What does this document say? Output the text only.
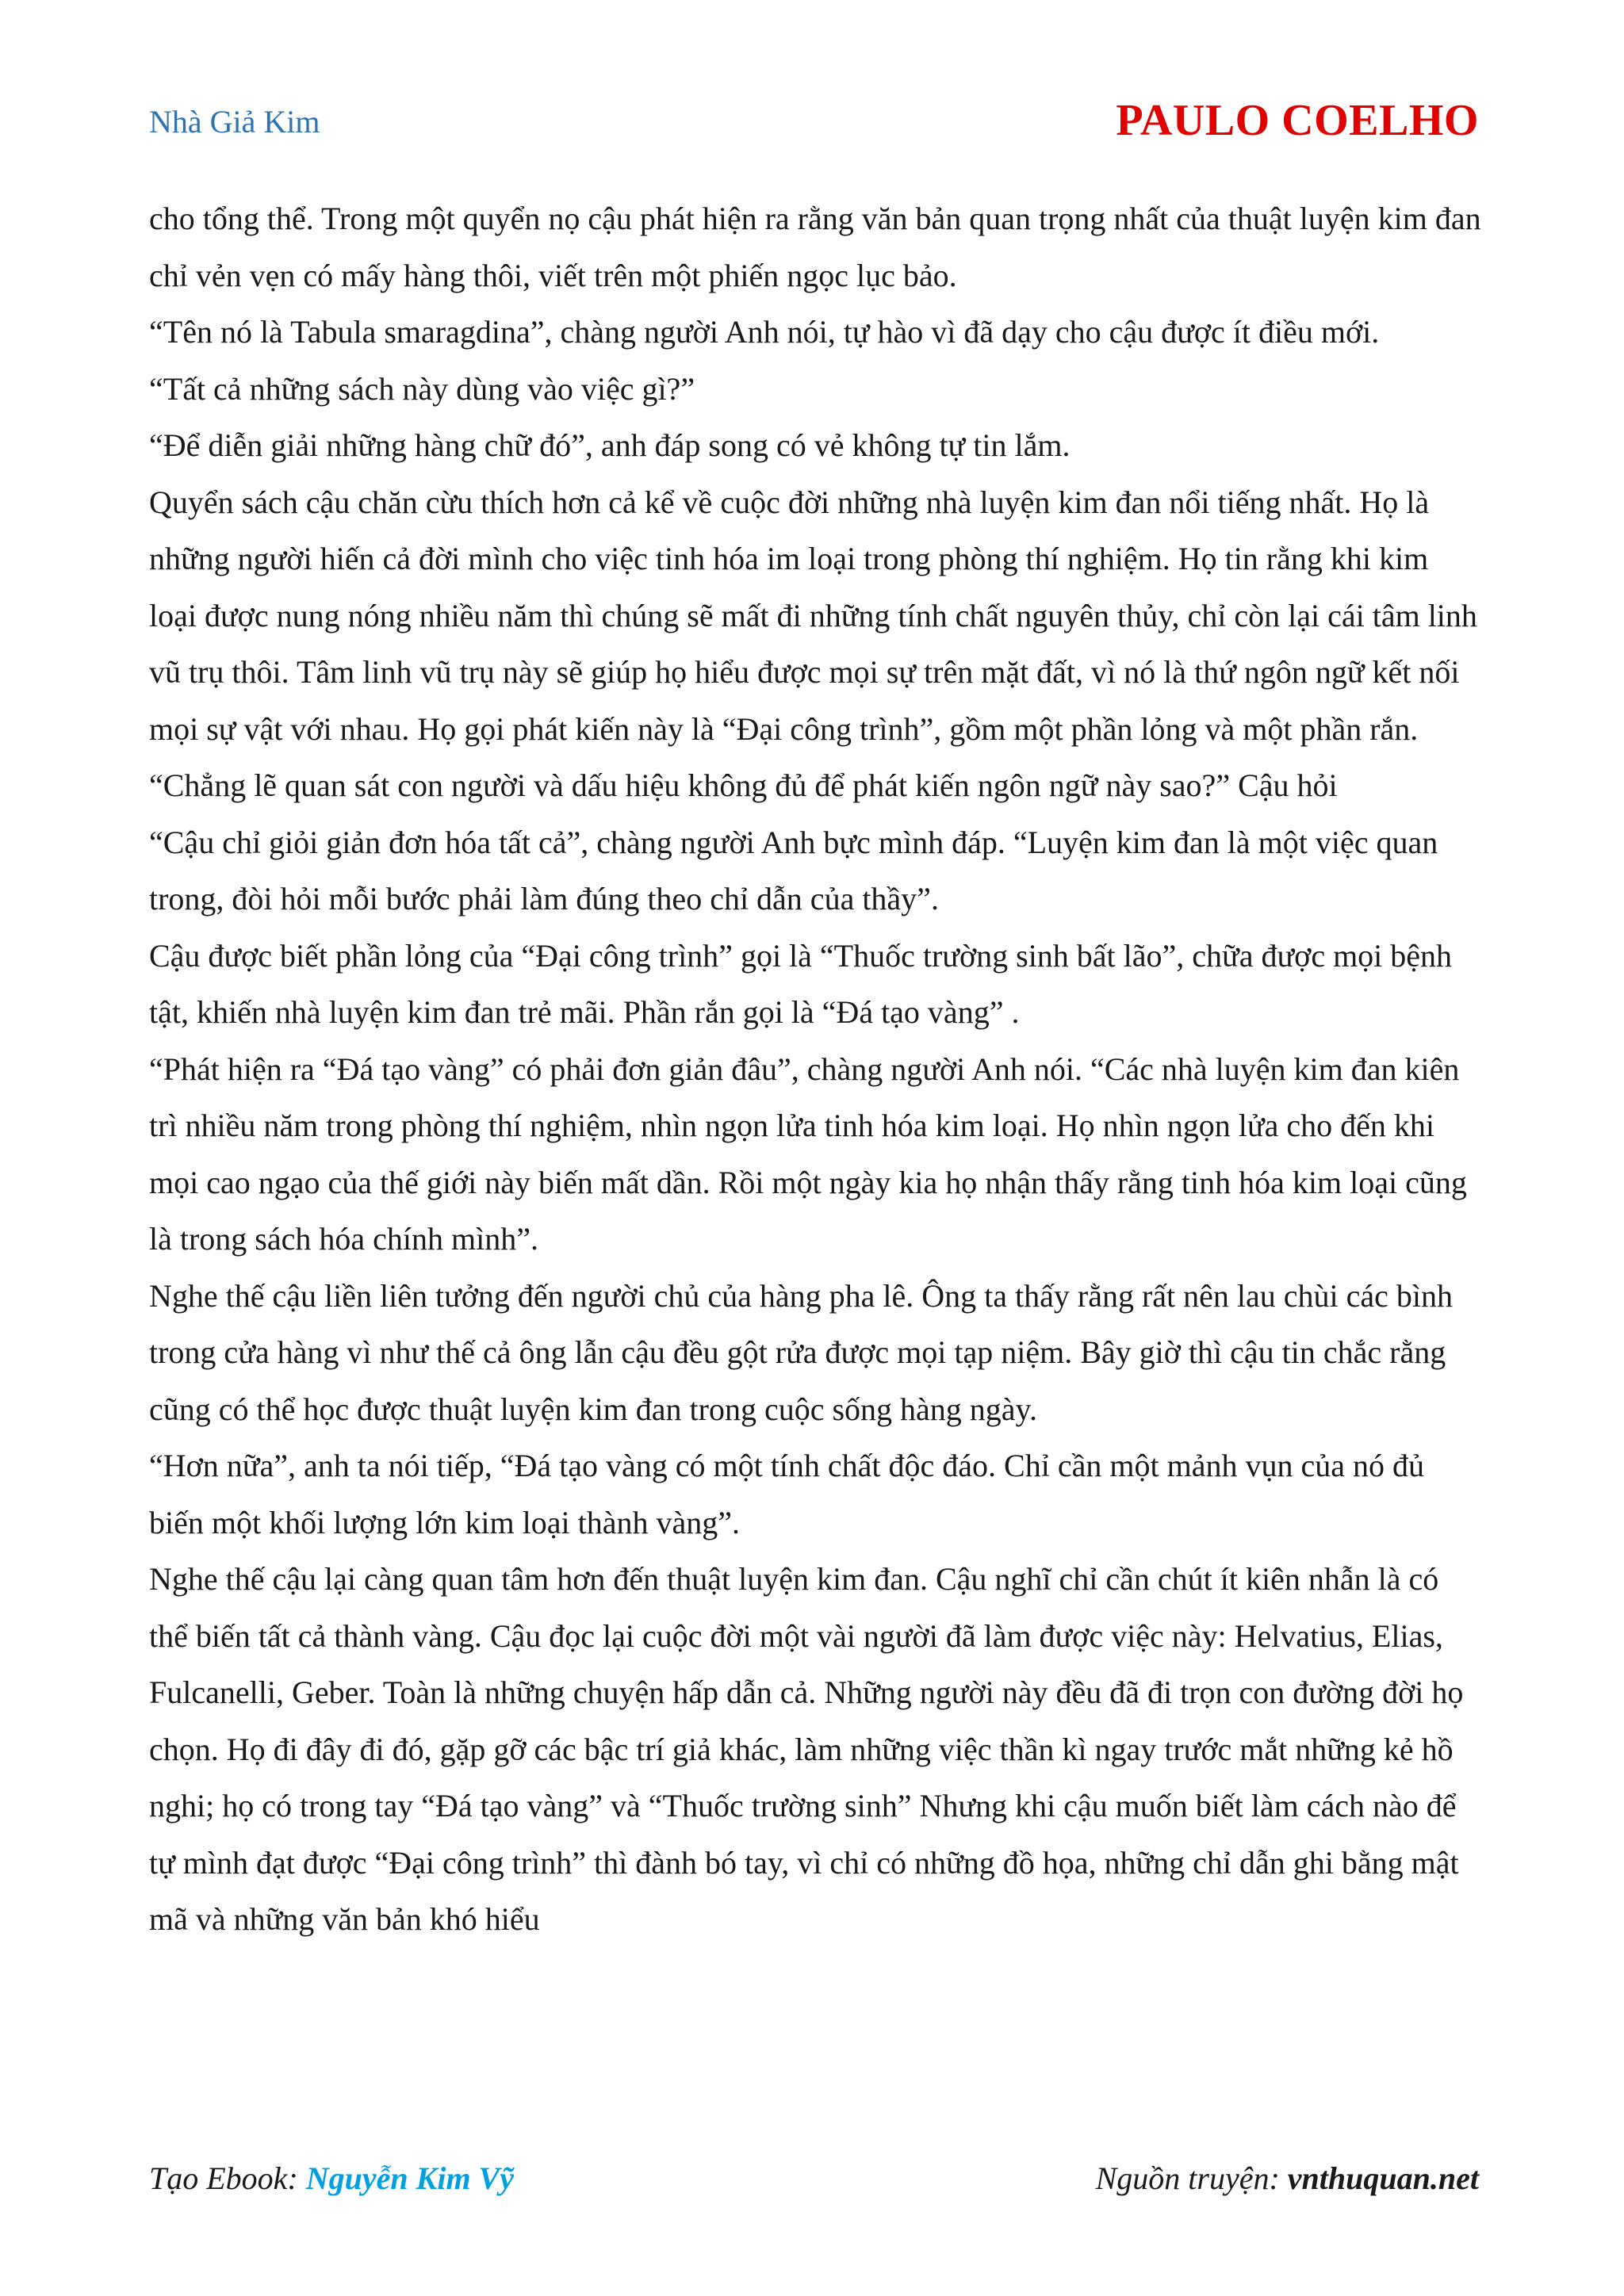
Nhà Giả Kim	PAULO COELHO

cho tổng thể. Trong một quyển nọ cậu phát hiện ra rằng văn bản quan trọng nhất của thuật luyện kim đan chỉ vẻn vẹn có mấy hàng thôi, viết trên một phiến ngọc lục bảo.

“Tên nó là Tabula smaragdina”, chàng người Anh nói, tự hào vì đã dạy cho cậu được ít điều mới.

“Tất cả những sách này dùng vào việc gì?”

“Để diễn giải những hàng chữ đó”, anh đáp song có vẻ không tự tin lắm.

Quyển sách cậu chăn cừu thích hơn cả kể về cuộc đời những nhà luyện kim đan nổi tiếng nhất. Họ là những người hiến cả đời mình cho việc tinh hóa im loại trong phòng thí nghiệm. Họ tin rằng khi kim loại được nung nóng nhiều năm thì chúng sẽ mất đi những tính chất nguyên thủy, chỉ còn lại cái tâm linh vũ trụ thôi. Tâm linh vũ trụ này sẽ giúp họ hiểu được mọi sự trên mặt đất, vì nó là thứ ngôn ngữ kết nối mọi sự vật với nhau. Họ gọi phát kiến này là “Đại công trình”, gồm một phần lỏng và một phần rắn.

“Chẳng lẽ quan sát con người và dấu hiệu không đủ để phát kiến ngôn ngữ này sao?” Cậu hỏi

“Cậu chỉ giỏi giản đơn hóa tất cả”, chàng người Anh bực mình đáp. “Luyện kim đan là một việc quan trong, đòi hỏi mỗi bước phải làm đúng theo chỉ dẫn của thầy”.

Cậu được biết phần lỏng của “Đại công trình” gọi là “Thuốc trường sinh bất lão”, chữa được mọi bệnh tật, khiến nhà luyện kim đan trẻ mãi. Phần rắn gọi là “Đá tạo vàng” .

“Phát hiện ra “Đá tạo vàng” có phải đơn giản đâu”, chàng người Anh nói. “Các nhà luyện kim đan kiên trì nhiều năm trong phòng thí nghiệm, nhìn ngọn lửa tinh hóa kim loại. Họ nhìn ngọn lửa cho đến khi mọi cao ngạo của thế giới này biến mất dần. Rồi một ngày kia họ nhận thấy rằng tinh hóa kim loại cũng là trong sách hóa chính mình”.

Nghe thế cậu liền liên tưởng đến người chủ của hàng pha lê. Ông ta thấy rằng rất nên lau chùi các bình trong cửa hàng vì như thế cả ông lẫn cậu đều gột rửa được mọi tạp niệm. Bây giờ thì cậu tin chắc rằng cũng có thể học được thuật luyện kim đan trong cuộc sống hàng ngày.

“Hơn nữa”, anh ta nói tiếp, “Đá tạo vàng có một tính chất độc đáo. Chỉ cần một mảnh vụn của nó đủ biến một khối lượng lớn kim loại thành vàng”.

Nghe thế cậu lại càng quan tâm hơn đến thuật luyện kim đan. Cậu nghĩ chỉ cần chút ít kiên nhẫn là có thể biến tất cả thành vàng. Cậu đọc lại cuộc đời một vài người đã làm được việc này: Helvatius, Elias, Fulcanelli, Geber. Toàn là những chuyện hấp dẫn cả. Những người này đều đã đi trọn con đường đời họ chọn. Họ đi đây đi đó, gặp gỡ các bậc trí giả khác, làm những việc thần kì ngay trước mắt những kẻ hồ nghi; họ có trong tay “Đá tạo vàng” và “Thuốc trường sinh” Nhưng khi cậu muốn biết làm cách nào để tự mình đạt được “Đại công trình” thì đành bó tay, vì chỉ có những đồ họa, những chỉ dẫn ghi bằng mật mã và những văn bản khó hiểu

Tạo Ebook: Nguyễn Kim Vỹ	Nguồn truyện: vnthuquan.net
